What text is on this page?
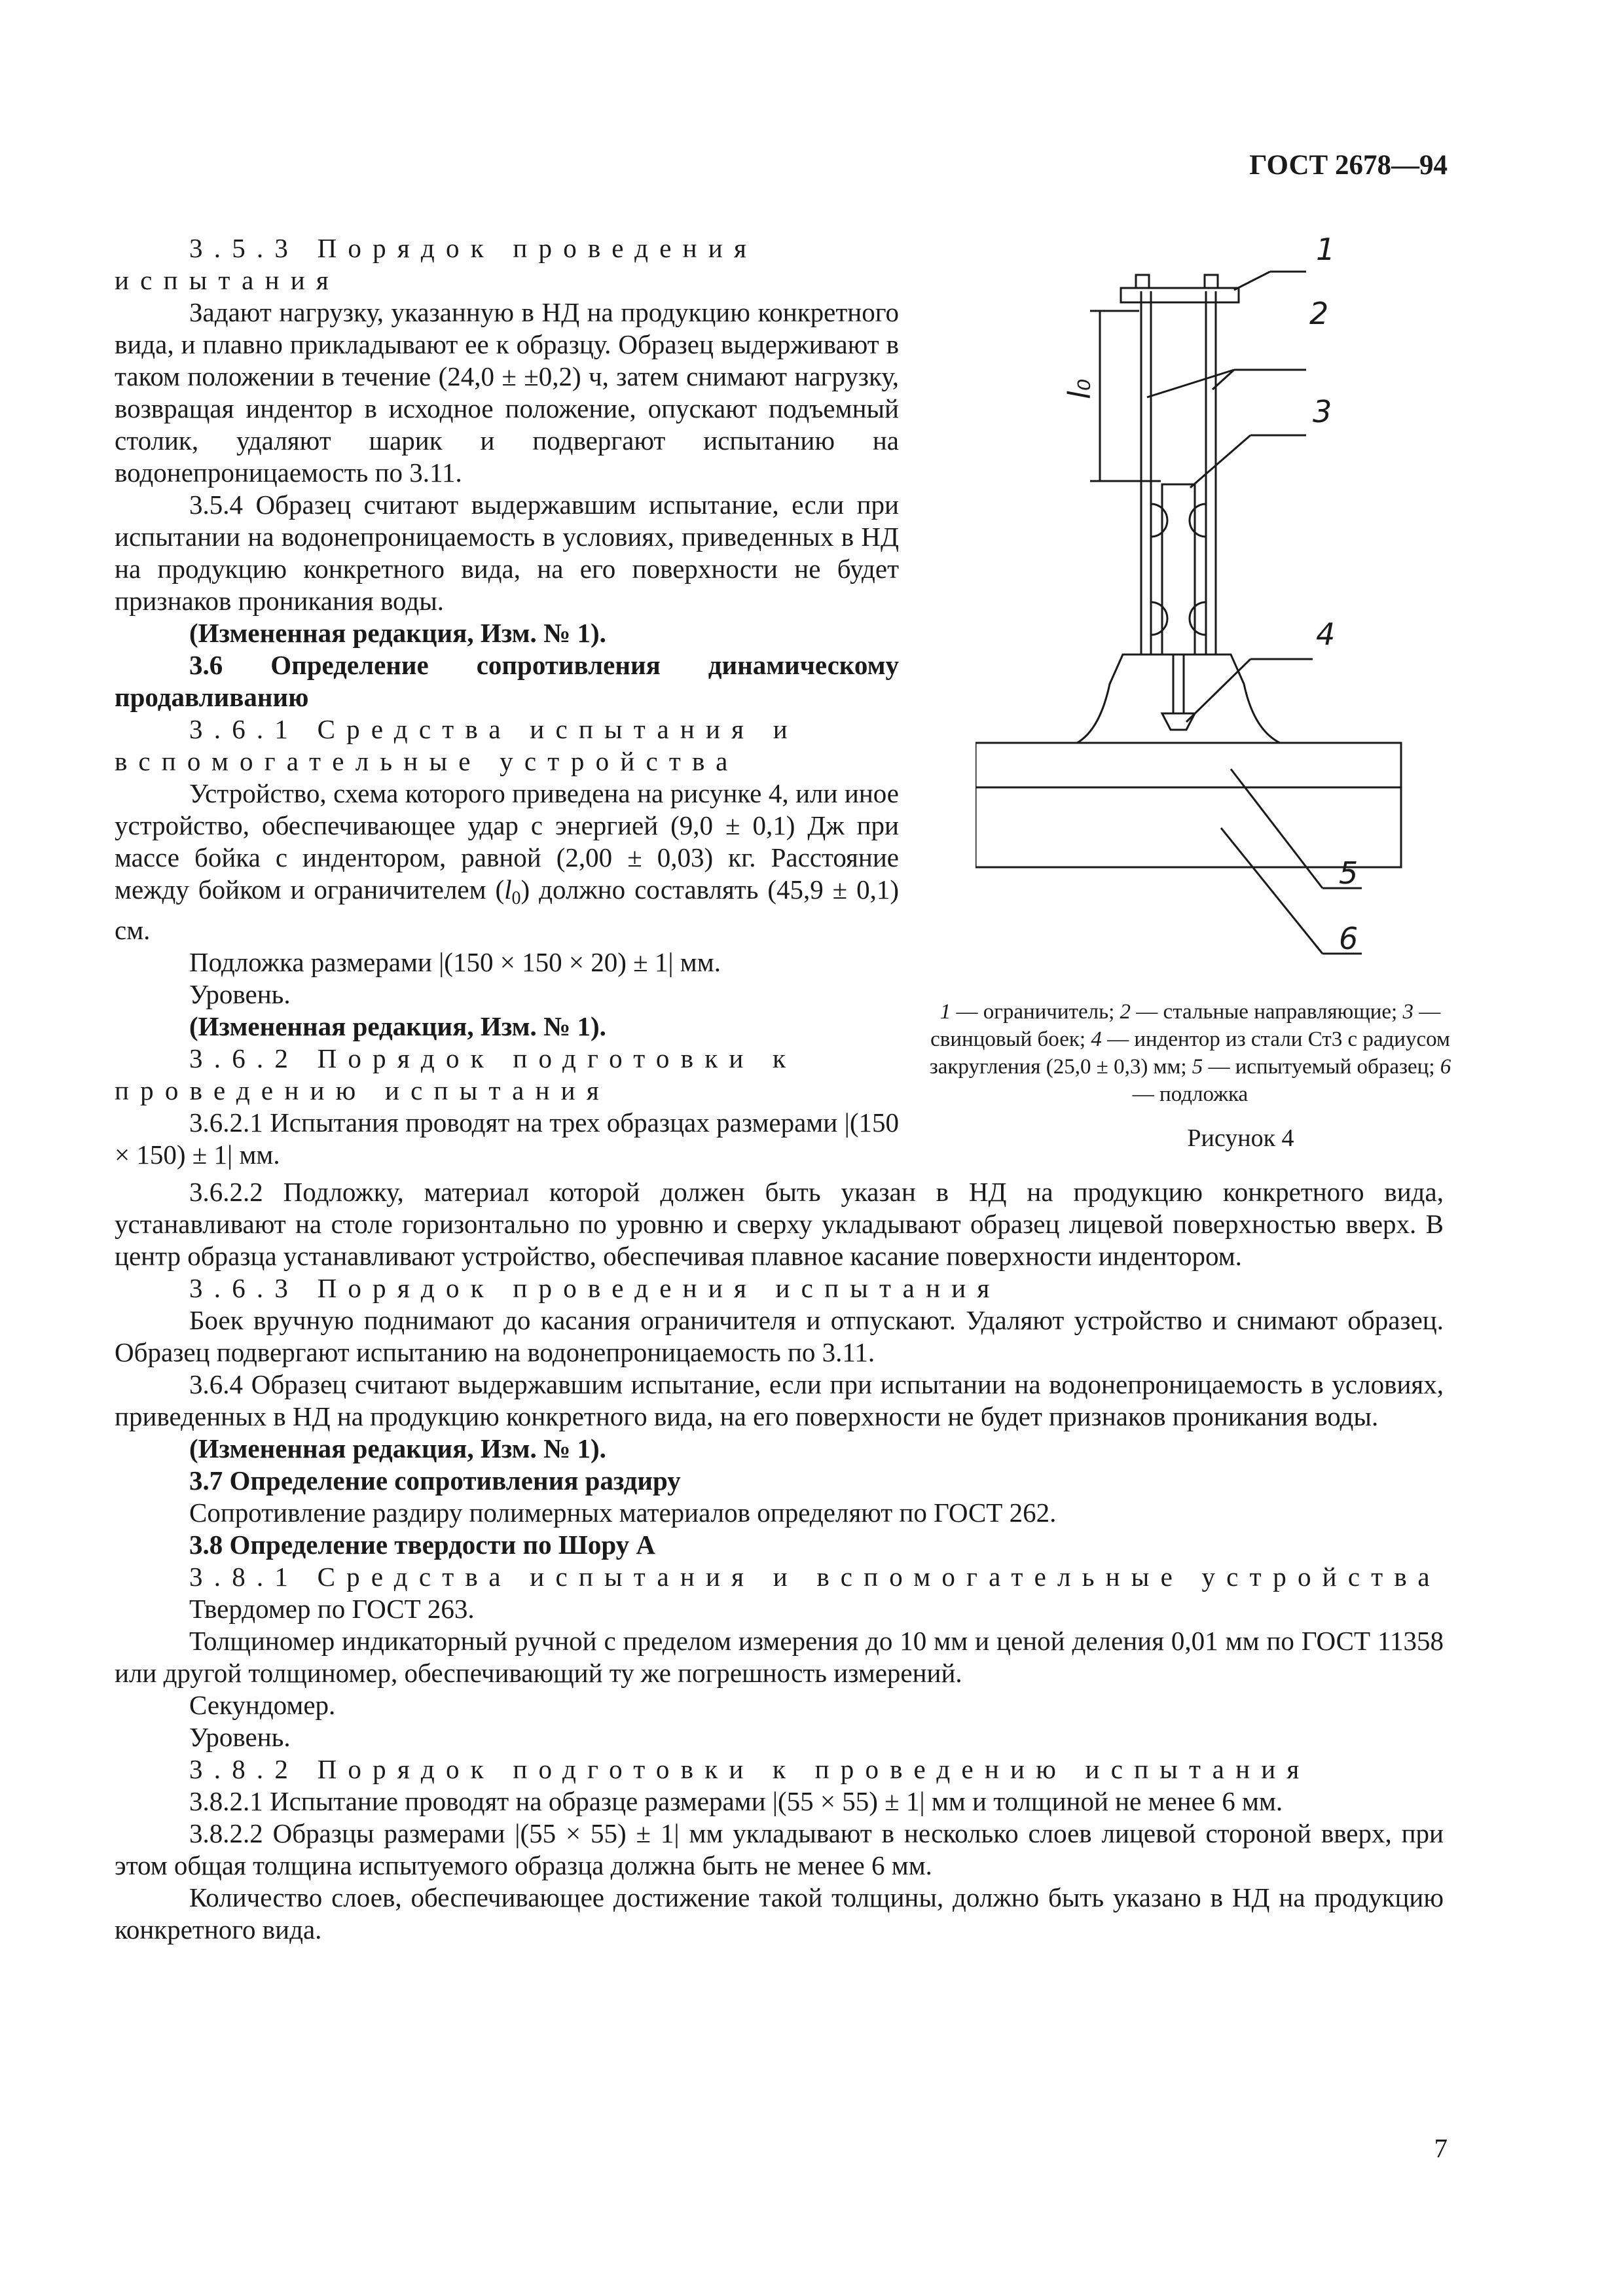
ГОСТ 2678—94

3.5.3 Порядок проведения испытания

Задают нагрузку, указанную в НД на продукцию конкретного вида, и плавно прикладывают ее к образцу. Образец выдерживают в таком положении в течение (24,0 ± ±0,2) ч, затем снимают нагрузку, возвращая индентор в исходное положение, опускают подъемный столик, удаляют шарик и подвергают испытанию на водонепроницаемость по 3.11.

3.5.4 Образец считают выдержавшим испытание, если при испытании на водонепроницаемость в условиях, приведенных в НД на продукцию конкретного вида, на его поверхности не будет признаков проникания воды.

(Измененная редакция, Изм. № 1).

3.6 Определение сопротивления динамическому продавливанию

3.6.1 Средства испытания и вспомогательные устройства

Устройство, схема которого приведена на рисунке 4, или иное устройство, обеспечивающее удар с энергией (9,0 ± 0,1) Дж при массе бойка с индентором, равной (2,00 ± 0,03) кг. Расстояние между бойком и ограничителем $(l_0)$ должно составлять (45,9 ± 0,1) см.

Подложка размерами |(150 × 150 × 20) ± 1| мм.

Уровень.

(Измененная редакция, Изм. № 1).

3.6.2 Порядок подготовки к проведению испытания

3.6.2.1 Испытания проводят на трех образцах размерами |(150 × 150) ± 1| мм.

1
2
3
4
5
6
l₀
1 — ограничитель; 2 — стальные направляющие; 3 — свинцовый боек; 4 — индентор из стали Ст3 с радиусом закругления (25,0 ± 0,3) мм; 5 — испытуемый образец; 6 — подложка
Рисунок 4

3.6.2.2 Подложку, материал которой должен быть указан в НД на продукцию конкретного вида, устанавливают на столе горизонтально по уровню и сверху укладывают образец лицевой поверхностью вверх. В центр образца устанавливают устройство, обеспечивая плавное касание поверхности индентором.

3.6.3 Порядок проведения испытания

Боек вручную поднимают до касания ограничителя и отпускают. Удаляют устройство и снимают образец. Образец подвергают испытанию на водонепроницаемость по 3.11.

3.6.4 Образец считают выдержавшим испытание, если при испытании на водонепроницаемость в условиях, приведенных в НД на продукцию конкретного вида, на его поверхности не будет признаков проникания воды.

(Измененная редакция, Изм. № 1).

3.7 Определение сопротивления раздиру

Сопротивление раздиру полимерных материалов определяют по ГОСТ 262.

3.8 Определение твердости по Шору А

3.8.1 Средства испытания и вспомогательные устройства

Твердомер по ГОСТ 263.

Толщиномер индикаторный ручной с пределом измерения до 10 мм и ценой деления 0,01 мм по ГОСТ 11358 или другой толщиномер, обеспечивающий ту же погрешность измерений.

Секундомер.

Уровень.

3.8.2 Порядок подготовки к проведению испытания

3.8.2.1 Испытание проводят на образце размерами |(55 × 55) ± 1| мм и толщиной не менее 6 мм.

3.8.2.2 Образцы размерами |(55 × 55) ± 1| мм укладывают в несколько слоев лицевой стороной вверх, при этом общая толщина испытуемого образца должна быть не менее 6 мм.

Количество слоев, обеспечивающее достижение такой толщины, должно быть указано в НД на продукцию конкретного вида.

7
